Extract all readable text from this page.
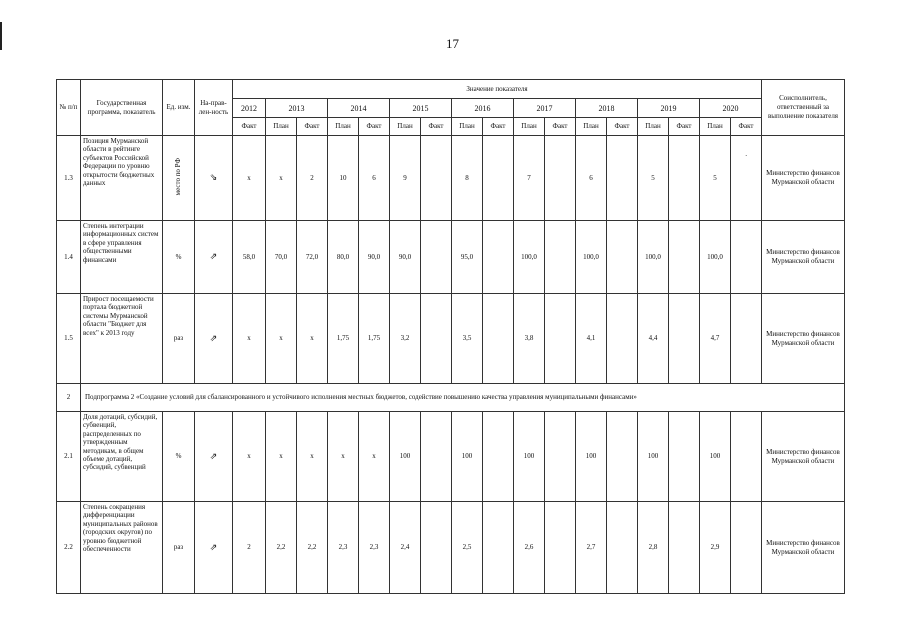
17
·
№ п/п	Государственная программа, показатель	Ед. изм.	На-прав-лен-ность	Значение показателя																	Соисполнитель, ответственный за выполнение показателя
				2012	2013		2014		2015		2016		2017		2018		2019		2020		
				Факт	План	Факт	План	Факт	План	Факт	План	Факт	План	Факт	План	Факт	План	Факт	План	Факт	
1.3	Позиция Мурманской области в рейтинге субъектов Российской Федерации по уровню открытости бюджетных данных	место по РФ	⇘	x	x	2	10	6	9		8		7		6		5		5		Министерство финансов Мурманской области
1.4	Степень интеграции информационных систем в сфере управления общественными финансами	%	⇗	58,0	70,0	72,0	80,0	90,0	90,0		95,0		100,0		100,0		100,0		100,0		Министерство финансов Мурманской области
1.5	Прирост посещаемости портала бюджетной системы Мурманской области "Бюджет для всех" к 2013 году	раз	⇗	x	x	x	1,75	1,75	3,2		3,5		3,8		4,1		4,4		4,7		Министерство финансов Мурманской области
2	Подпрограмма 2 «Создание условий для сбалансированного и устойчивого исполнения местных бюджетов, содействие повышению качества управления муниципальными финансами»																				
2.1	Доля дотаций, субсидий, субвенций, распределенных по утвержденным методикам, в общем объеме дотаций, субсидий, субвенций	%	⇗	x	x	x	x	x	100		100		100		100		100		100		Министерство финансов Мурманской области
2.2	Степень сокращения дифференциации муниципальных районов (городских округов) по уровню бюджетной обеспеченности	раз	⇗	2	2,2	2,2	2,3	2,3	2,4		2,5		2,6		2,7		2,8		2,9		Министерство финансов Мурманской области
